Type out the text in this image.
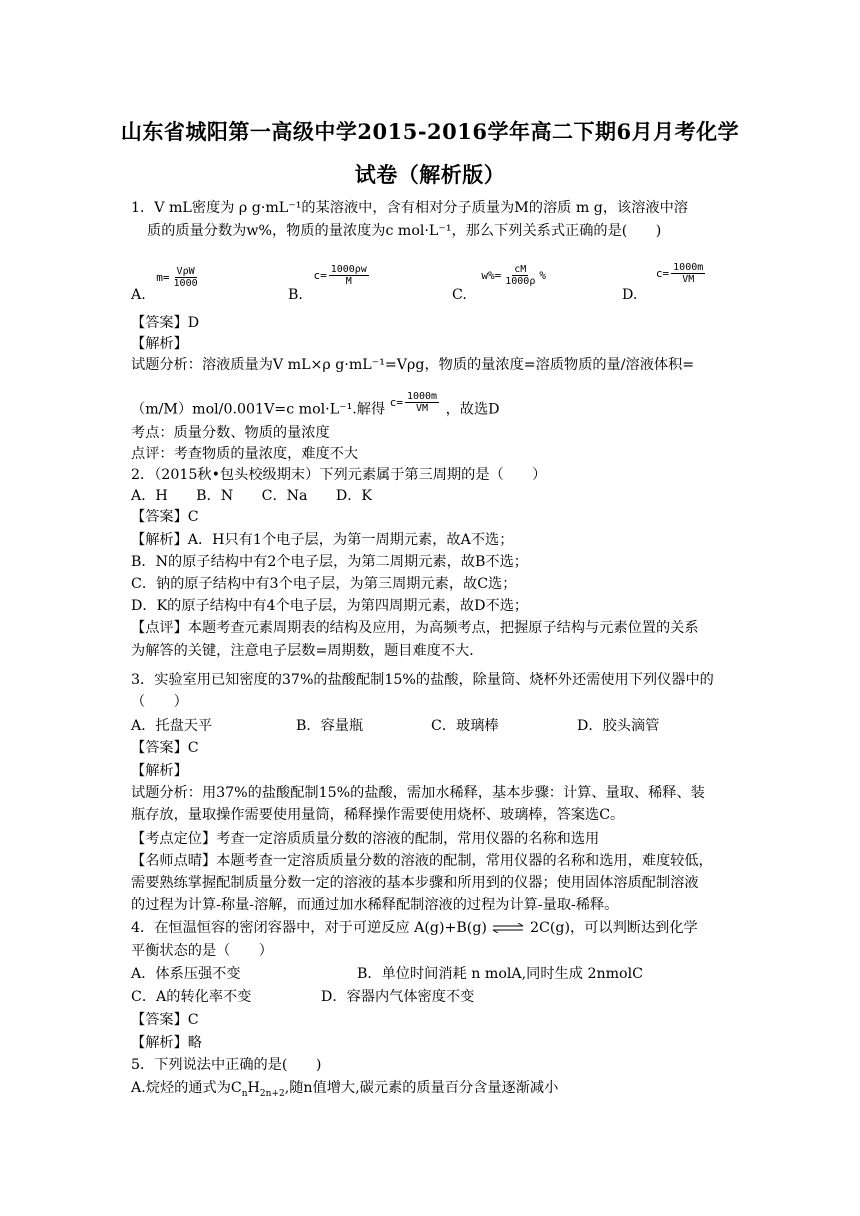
山东省城阳第一高级中学2015-2016学年高二下期6月月考化学
试卷（解析版）
1．V mL密度为 ρ g·mL⁻¹的某溶液中，含有相对分子质量为M的溶质 m g，该溶液中溶
质的质量分数为w%，物质的量浓度为c mol·L⁻¹，那么下列关系式正确的是(　　)
A.
$m= \frac{\text{VρW}}{1000}$
B.
$c= \frac{1000\rho w}{M}$
C.
$w\%= \frac{cM}{1000\rho}$ %
D.
$c= \frac{1000m}{VM}$
【答案】D
【解析】
试题分析：溶液质量为V mL×ρ g·mL⁻¹=Vρg，物质的量浓度=溶质物质的量/溶液体积=
（m/M）mol/0.001V=c mol·L⁻¹.解得 $c= \frac{1000m}{VM}$ ，故选D
考点：质量分数、物质的量浓度
点评：考查物质的量浓度，难度不大
2．（2015秋•包头校级期末）下列元素属于第三周期的是（　　）
A．H　　B．N　　C．Na　　D．K
【答案】C
【解析】A．H只有1个电子层，为第一周期元素，故A不选；
B．N的原子结构中有2个电子层，为第二周期元素，故B不选；
C．钠的原子结构中有3个电子层，为第三周期元素，故C选；
D．K的原子结构中有4个电子层，为第四周期元素，故D不选；
【点评】本题考查元素周期表的结构及应用，为高频考点，把握原子结构与元素位置的关系
为解答的关键，注意电子层数=周期数，题目难度不大．
3．实验室用已知密度的37%的盐酸配制15%的盐酸，除量筒、烧杯外还需使用下列仪器中的
（　　）
A．托盘天平	B．容量瓶	C．玻璃棒	D．胶头滴管
【答案】C
【解析】
试题分析：用37%的盐酸配制15%的盐酸，需加水稀释，基本步骤：计算、量取、稀释、装
瓶存放，量取操作需要使用量筒，稀释操作需要使用烧杯、玻璃棒，答案选C。
【考点定位】考查一定溶质质量分数的溶液的配制，常用仪器的名称和选用
【名师点晴】本题考查一定溶质质量分数的溶液的配制，常用仪器的名称和选用，难度较低，
需要熟练掌握配制质量分数一定的溶液的基本步骤和所用到的仪器；使用固体溶质配制溶液
的过程为计算-称量-溶解，而通过加水稀释配制溶液的过程为计算-量取-稀释。
4．在恒温恒容的密闭容器中，对于可逆反应 A(g)+B(g) ⇌ 2C(g)，可以判断达到化学
平衡状态的是（　　）
A．体系压强不变	B．单位时间消耗 n molA,同时生成 2nmolC
C．A的转化率不变	D．容器内气体密度不变
【答案】C
【解析】略
5．下列说法中正确的是(　　)
A.烷烃的通式为$C_nH_{2n+2}$,随n值增大,碳元素的质量百分含量逐渐减小
